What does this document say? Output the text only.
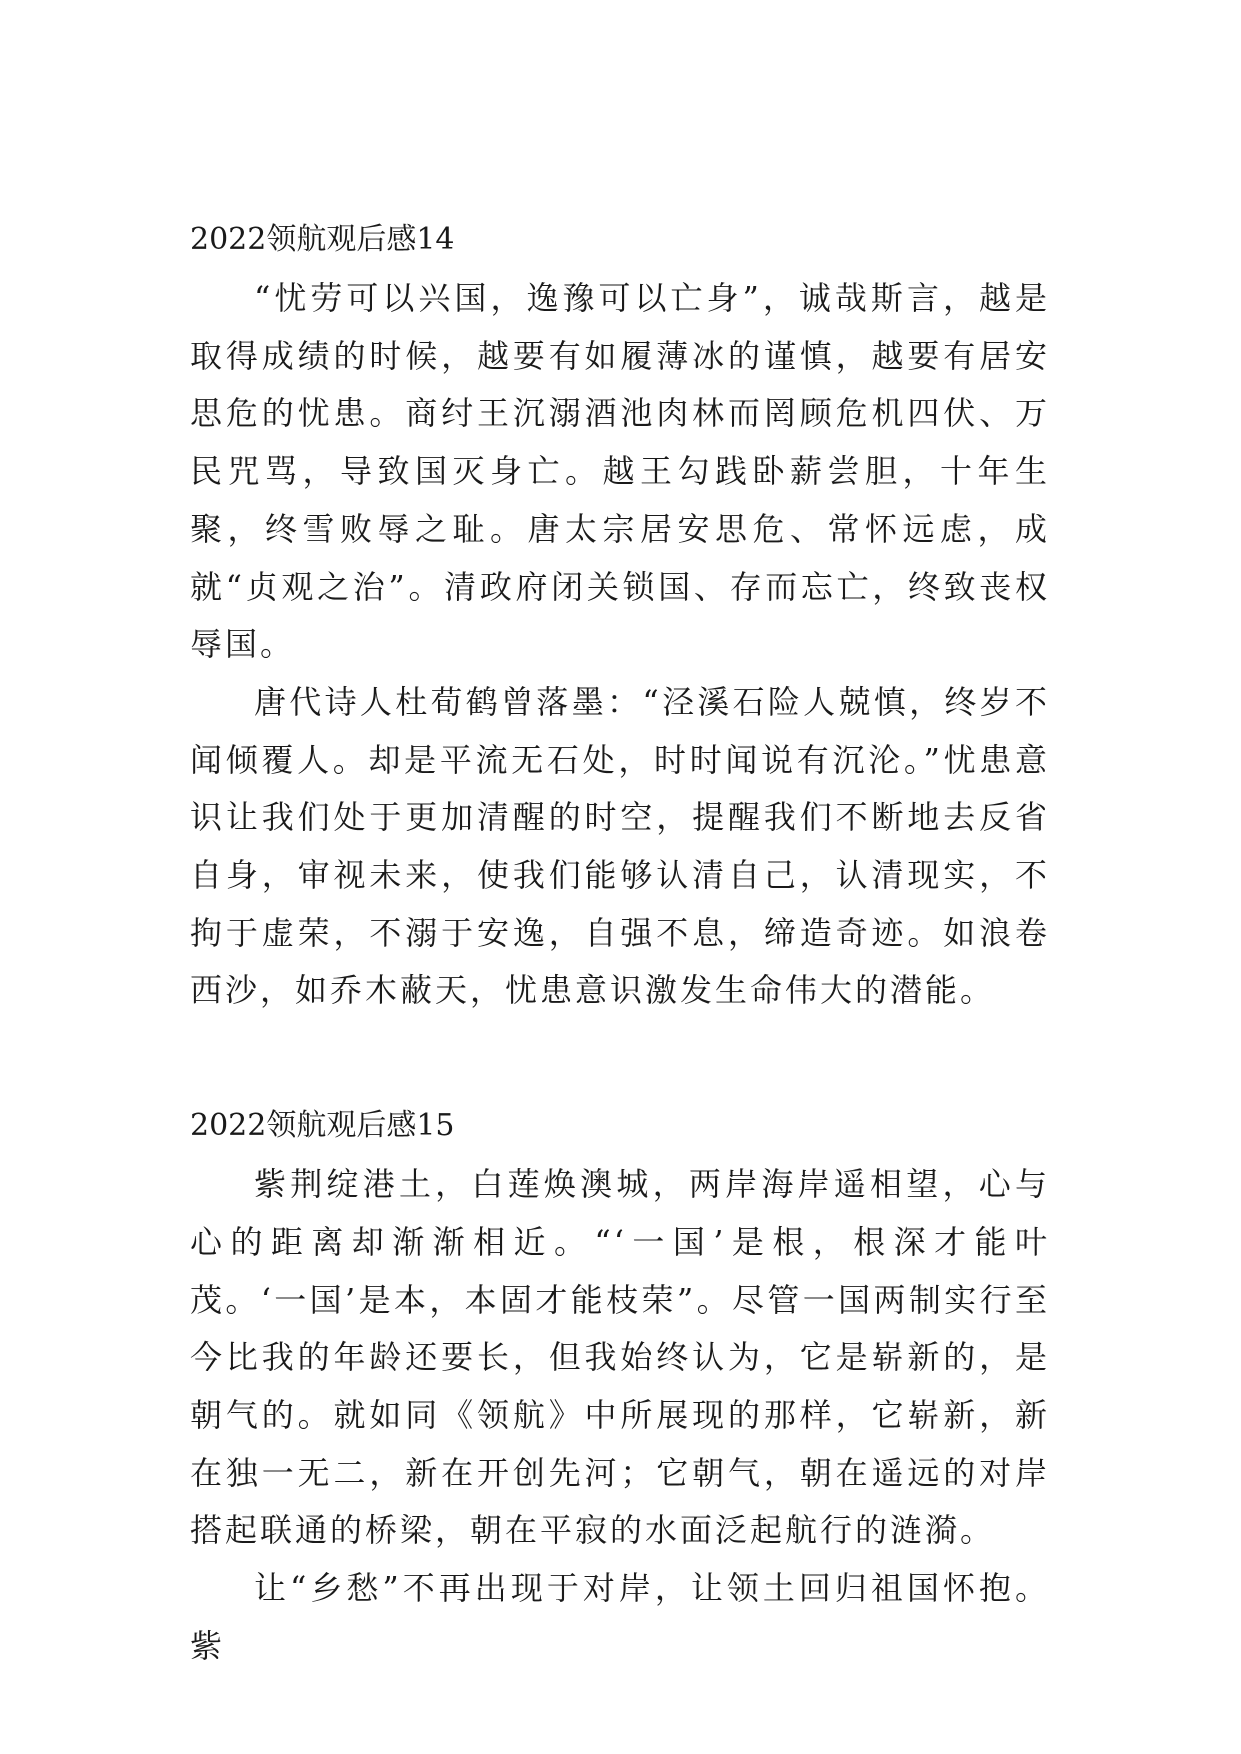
2022领航观后感14

“忧劳可以兴国，逸豫可以亡身”，诚哉斯言，越是取得成绩的时候，越要有如履薄冰的谨慎，越要有居安思危的忧患。商纣王沉溺酒池肉林而罔顾危机四伏、万民咒骂，导致国灭身亡。越王勾践卧薪尝胆，十年生聚，终雪败辱之耻。唐太宗居安思危、常怀远虑，成就“贞观之治”。清政府闭关锁国、存而忘亡，终致丧权辱国。

唐代诗人杜荀鹤曾落墨：“泾溪石险人兢慎，终岁不闻倾覆人。却是平流无石处，时时闻说有沉沦。”忧患意识让我们处于更加清醒的时空，提醒我们不断地去反省自身，审视未来，使我们能够认清自己，认清现实，不拘于虚荣，不溺于安逸，自强不息，缔造奇迹。如浪卷西沙，如乔木蔽天，忧患意识激发生命伟大的潜能。

2022领航观后感15

紫荆绽港土，白莲焕澳城，两岸海岸遥相望，心与心的距离却渐渐相近。“‘一国’是根，根深才能叶茂。‘一国’是本，本固才能枝荣”。尽管一国两制实行至今比我的年龄还要长，但我始终认为，它是崭新的，是朝气的。就如同《领航》中所展现的那样，它崭新，新在独一无二，新在开创先河；它朝气，朝在遥远的对岸搭起联通的桥梁，朝在平寂的水面泛起航行的涟漪。

让“乡愁”不再出现于对岸，让领土回归祖国怀抱。紫
